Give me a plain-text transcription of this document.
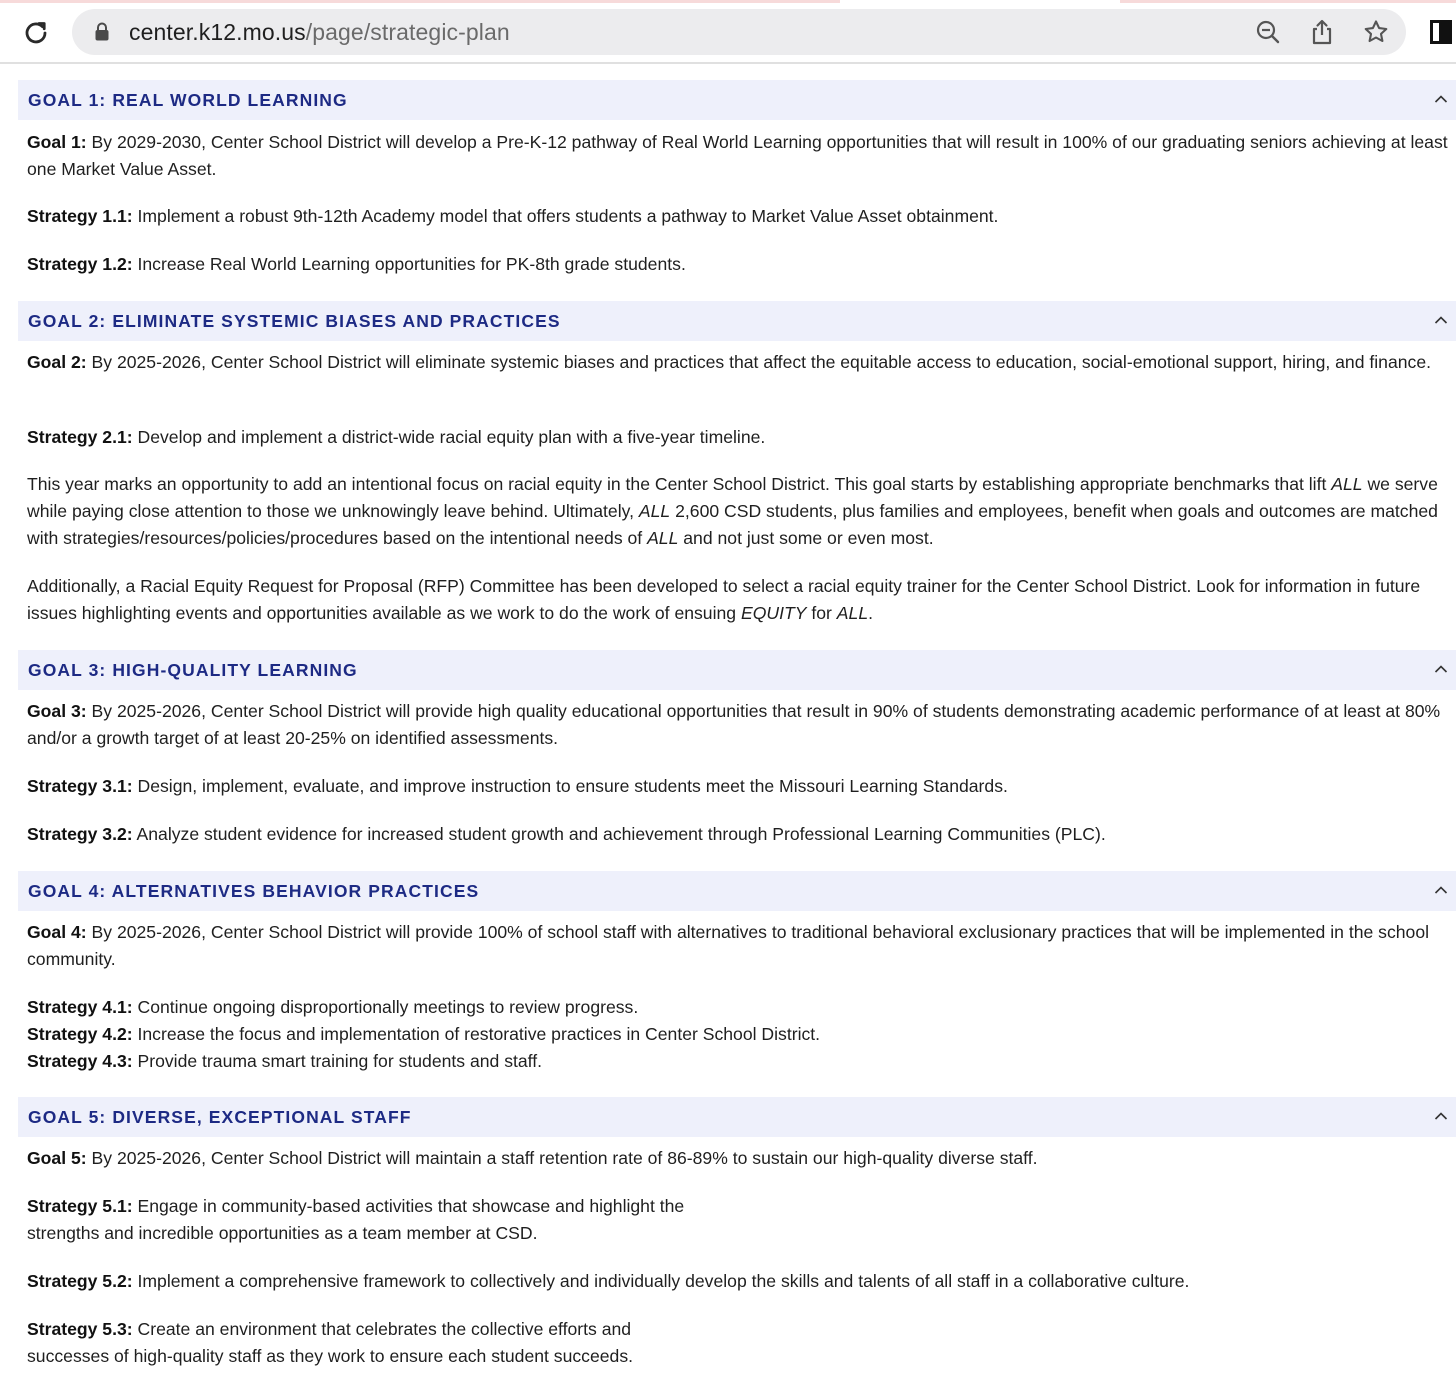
center.k12.mo.us/page/strategic-plan
GOAL 1: REAL WORLD LEARNING

Goal 1: By 2029-2030, Center School District will develop a Pre-K-12 pathway of Real World Learning opportunities that will result in 100% of our graduating seniors achieving at least one Market Value Asset.

Strategy 1.1: Implement a robust 9th-12th Academy model that offers students a pathway to Market Value Asset obtainment.

Strategy 1.2: Increase Real World Learning opportunities for PK-8th grade students.

GOAL 2: ELIMINATE SYSTEMIC BIASES AND PRACTICES

Goal 2: By 2025-2026, Center School District will eliminate systemic biases and practices that affect the equitable access to education, social-emotional support, hiring, and finance.

Strategy 2.1: Develop and implement a district-wide racial equity plan with a five-year timeline.

This year marks an opportunity to add an intentional focus on racial equity in the Center School District. This goal starts by establishing appropriate benchmarks that lift ALL we serve while paying close attention to those we unknowingly leave behind. Ultimately, ALL 2,600 CSD students, plus families and employees, benefit when goals and outcomes are matched with strategies/resources/policies/procedures based on the intentional needs of ALL and not just some or even most.

Additionally, a Racial Equity Request for Proposal (RFP) Committee has been developed to select a racial equity trainer for the Center School District. Look for information in future issues highlighting events and opportunities available as we work to do the work of ensuing EQUITY for ALL.

GOAL 3: HIGH-QUALITY LEARNING

Goal 3: By 2025-2026, Center School District will provide high quality educational opportunities that result in 90% of students demonstrating academic performance of at least at 80% and/or a growth target of at least 20-25% on identified assessments.

Strategy 3.1: Design, implement, evaluate, and improve instruction to ensure students meet the Missouri Learning Standards.

Strategy 3.2: Analyze student evidence for increased student growth and achievement through Professional Learning Communities (PLC).

GOAL 4: ALTERNATIVES BEHAVIOR PRACTICES

Goal 4: By 2025-2026, Center School District will provide 100% of school staff with alternatives to traditional behavioral exclusionary practices that will be implemented in the school community.

Strategy 4.1: Continue ongoing disproportionally meetings to review progress.

Strategy 4.2: Increase the focus and implementation of restorative practices in Center School District.

Strategy 4.3: Provide trauma smart training for students and staff.

GOAL 5: DIVERSE, EXCEPTIONAL STAFF

Goal 5: By 2025-2026, Center School District will maintain a staff retention rate of 86-89% to sustain our high-quality diverse staff.

Strategy 5.1: Engage in community-based activities that showcase and highlight the
strengths and incredible opportunities as a team member at CSD.

Strategy 5.2: Implement a comprehensive framework to collectively and individually develop the skills and talents of all staff in a collaborative culture.

Strategy 5.3: Create an environment that celebrates the collective efforts and
successes of high-quality staff as they work to ensure each student succeeds.
